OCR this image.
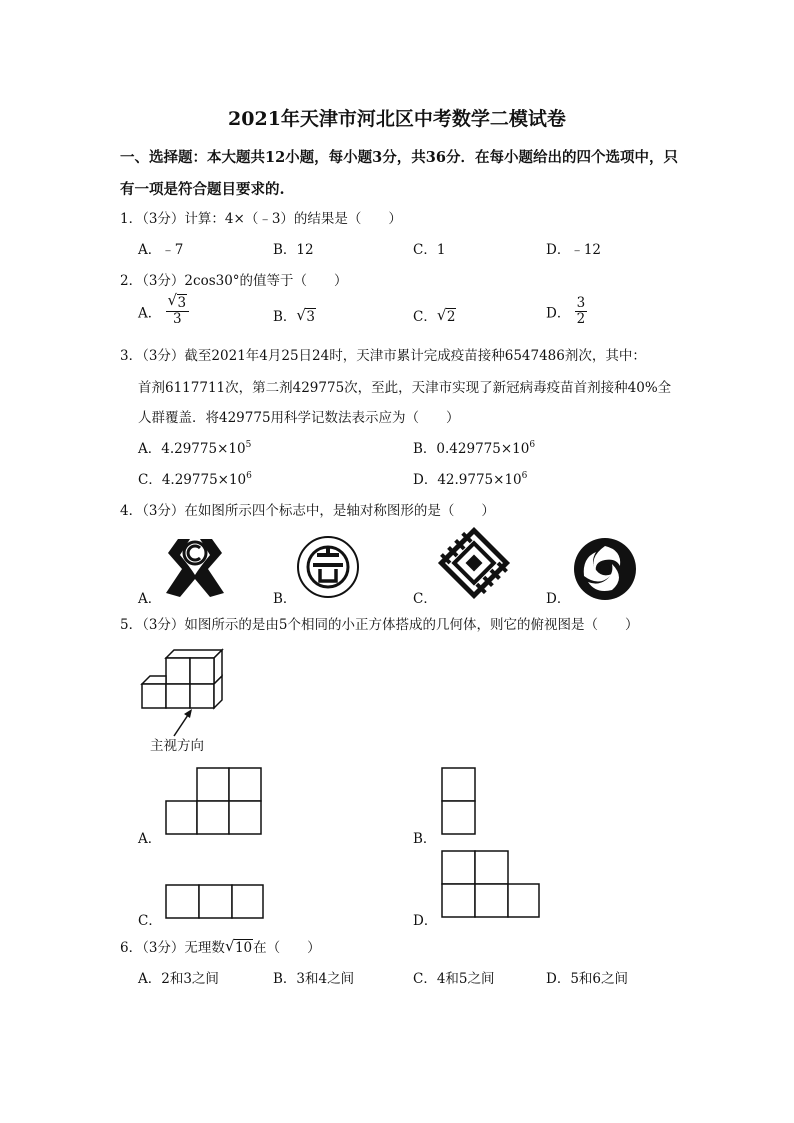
2021年天津市河北区中考数学二模试卷
一、选择题：本大题共12小题，每小题3分，共36分．在每小题给出的四个选项中，只
有一项是符合题目要求的.
1．（3分）计算：4×（﹣3）的结果是（　　）
A．﹣7	B．12	C．1	D．﹣12
2．（3分）2cos30°的值等于（　　）
A． $\frac{√ 3}{3}$	B． √ 3	C． √ 2	D． $\frac{3}{2}$
3．（3分）截至2021年4月25日24时，天津市累计完成疫苗接种6547486剂次，其中：
首剂6117711次，第二剂429775次，至此，天津市实现了新冠病毒疫苗首剂接种40%全
人群覆盖．将429775用科学记数法表示应为（　　）
A．$4.29775\times 10^5$	B．$0.429775\times 10^6$
C．$4.29775\times 10^6$	D．$42.9775\times 10^6$
4．（3分）在如图所示四个标志中，是轴对称图形的是（　　）
A．	B．	C．	D．
5．（3分）如图所示的是由5个相同的小正方体搭成的几何体，则它的俯视图是（　　）
主视方向
A．	B．
C．	D．
6．（3分）无理数 √ 10在（　　）
A．2和3之间	B．3和4之间	C．4和5之间	D．5和6之间
